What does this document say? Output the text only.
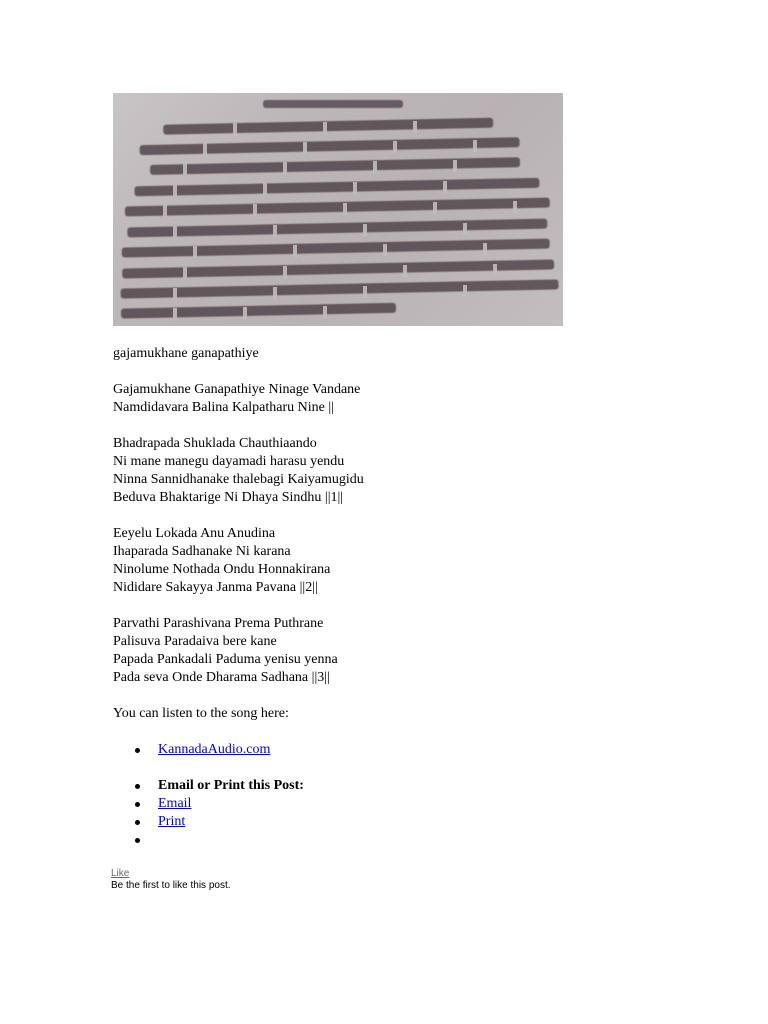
gajamukhane ganapathiye

Gajamukhane Ganapathiye Ninage Vandane

Namdidavara Balina Kalpatharu Nine ||

Bhadrapada Shuklada Chauthiaando

Ni mane manegu dayamadi harasu yendu

Ninna Sannidhanake thalebagi Kaiyamugidu

Beduva Bhaktarige Ni Dhaya Sindhu ||1||

Eeyelu Lokada Anu Anudina

Ihaparada Sadhanake Ni karana

Ninolume Nothada Ondu Honnakirana

Nididare Sakayya Janma Pavana ||2||

Parvathi Parashivana Prema Puthrane

Palisuva Paradaiva bere kane

Papada Pankadali Paduma yenisu yenna

Pada seva Onde Dharama Sadhana ||3||

You can listen to the song here:

KannadaAudio.com
Email or Print this Post:
Email
Print
Like
Be the first to like this post.
